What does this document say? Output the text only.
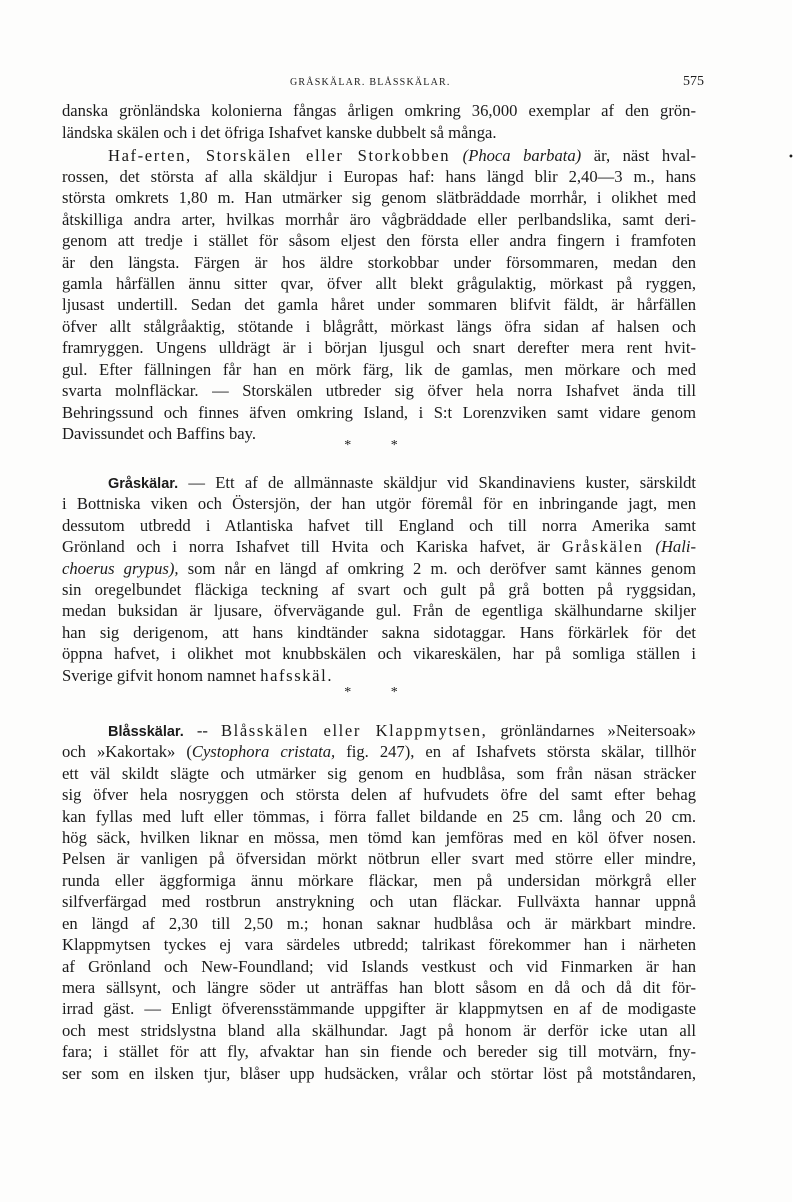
GRÅSKÄLAR. BLÅSSKÄLAR.	575
•
danska grönländska kolonierna fångas årligen omkring 36,000 exemplar af den grön-
ländska skälen och i det öfriga Ishafvet kanske dubbelt så många.
Haf-erten, Storskälen eller Storkobben (Phoca barbata) är, näst hval-
rossen, det största af alla skäldjur i Europas haf: hans längd blir 2,40—3 m., hans
största omkrets 1,80 m. Han utmärker sig genom slätbräddade morrhår, i olikhet med
åtskilliga andra arter, hvilkas morrhår äro vågbräddade eller perlbandslika, samt deri-
genom att tredje i stället för såsom eljest den första eller andra fingern i framfoten
är den längsta. Färgen är hos äldre storkobbar under försommaren, medan den
gamla hårfällen ännu sitter qvar, öfver allt blekt grågulaktig, mörkast på ryggen,
ljusast undertill. Sedan det gamla håret under sommaren blifvit fäldt, är hårfällen
öfver allt stålgråaktig, stötande i blågrått, mörkast längs öfra sidan af halsen och
framryggen. Ungens ulldrägt är i början ljusgul och snart derefter mera rent hvit-
gul. Efter fällningen får han en mörk färg, lik de gamlas, men mörkare och med
svarta molnfläckar. — Storskälen utbreder sig öfver hela norra Ishafvet ända till
Behringssund och finnes äfven omkring Island, i S:t Lorenzviken samt vidare genom
Davissundet och Baffins bay.
* *
Gråskälar. — Ett af de allmännaste skäldjur vid Skandinaviens kuster, särskildt
i Bottniska viken och Östersjön, der han utgör föremål för en inbringande jagt, men
dessutom utbredd i Atlantiska hafvet till England och till norra Amerika samt
Grönland och i norra Ishafvet till Hvita och Kariska hafvet, är Gråskälen (Hali-
choerus grypus), som når en längd af omkring 2 m. och deröfver samt kännes genom
sin oregelbundet fläckiga teckning af svart och gult på grå botten på ryggsidan,
medan buksidan är ljusare, öfvervägande gul. Från de egentliga skälhundarne skiljer
han sig derigenom, att hans kindtänder sakna sidotaggar. Hans förkärlek för det
öppna hafvet, i olikhet mot knubbskälen och vikareskälen, har på somliga ställen i
Sverige gifvit honom namnet hafsskäl.
* *
Blåsskälar. -- Blåsskälen eller Klappmytsen, grönländarnes »Neitersoak»
och »Kakortak» (Cystophora cristata, fig. 247), en af Ishafvets största skälar, tillhör
ett väl skildt slägte och utmärker sig genom en hudblåsa, som från näsan sträcker
sig öfver hela nosryggen och största delen af hufvudets öfre del samt efter behag
kan fyllas med luft eller tömmas, i förra fallet bildande en 25 cm. lång och 20 cm.
hög säck, hvilken liknar en mössa, men tömd kan jemföras med en köl öfver nosen.
Pelsen är vanligen på öfversidan mörkt nötbrun eller svart med större eller mindre,
runda eller äggformiga ännu mörkare fläckar, men på undersidan mörkgrå eller
silfverfärgad med rostbrun anstrykning och utan fläckar. Fullväxta hannar uppnå
en längd af 2,30 till 2,50 m.; honan saknar hudblåsa och är märkbart mindre.
Klappmytsen tyckes ej vara särdeles utbredd; talrikast förekommer han i närheten
af Grönland och New-Foundland; vid Islands vestkust och vid Finmarken är han
mera sällsynt, och längre söder ut anträffas han blott såsom en då och då dit för-
irrad gäst. — Enligt öfverensstämmande uppgifter är klappmytsen en af de modigaste
och mest stridslystna bland alla skälhundar. Jagt på honom är derför icke utan all
fara; i stället för att fly, afvaktar han sin fiende och bereder sig till motvärn, fny-
ser som en ilsken tjur, blåser upp hudsäcken, vrålar och störtar löst på motståndaren,
